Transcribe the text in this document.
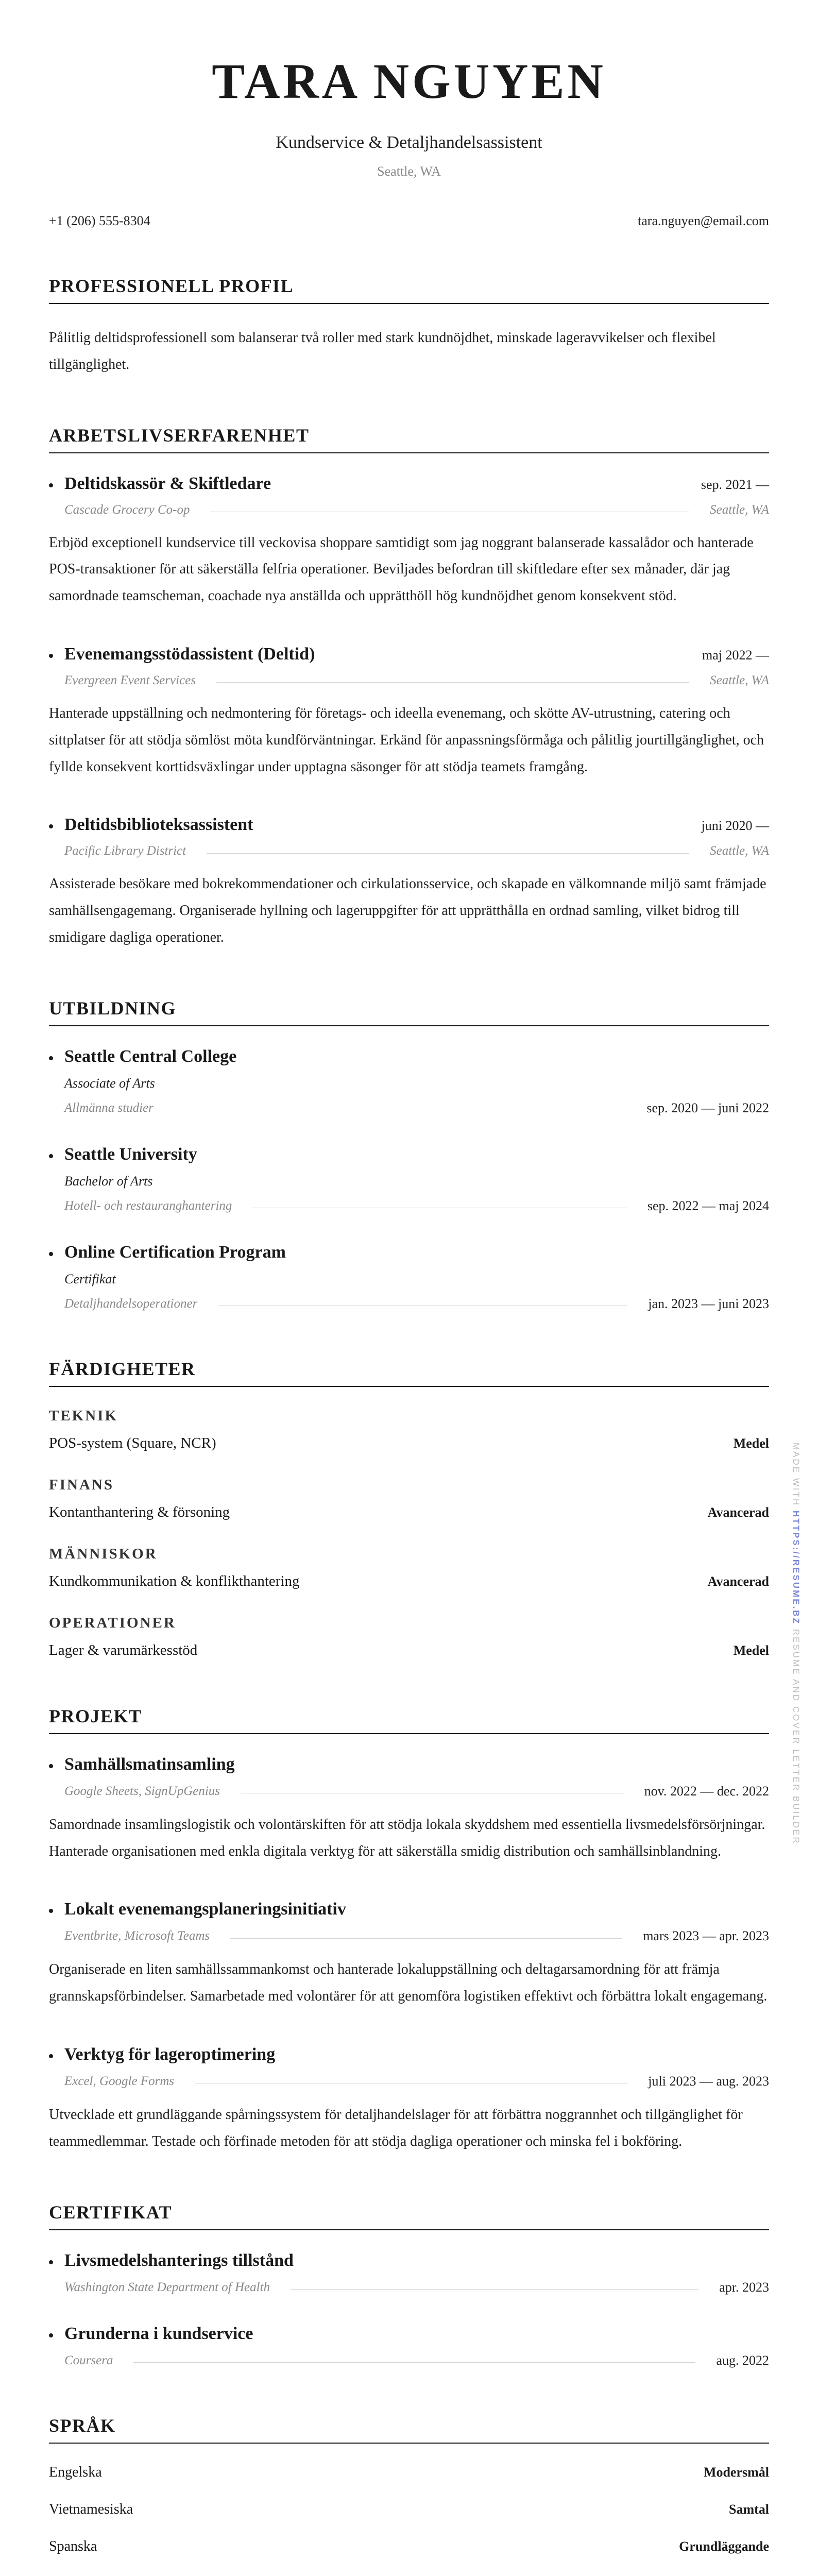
TARA NGUYEN
Kundservice & Detaljhandelsassistent
Seattle, WA
+1 (206) 555-8304	tara.nguyen@email.com
PROFESSIONELL PROFIL
Pålitlig deltidsprofessionell som balanserar två roller med stark kundnöjdhet, minskade lageravvikelser och flexibel tillgänglighet.
ARBETSLIVSERFARENHET
Deltidskassör & Skiftledare	sep. 2021 —
Cascade Grocery Co-op	Seattle, WA
Erbjöd exceptionell kundservice till veckovisa shoppare samtidigt som jag noggrant balanserade kassalådor och hanterade POS-transaktioner för att säkerställa felfria operationer. Beviljades befordran till skiftledare efter sex månader, där jag samordnade teamscheman, coachade nya anställda och upprätthöll hög kundnöjdhet genom konsekvent stöd.
Evenemangsstödassistent (Deltid)	maj 2022 —
Evergreen Event Services	Seattle, WA
Hanterade uppställning och nedmontering för företags- och ideella evenemang, och skötte AV-utrustning, catering och sittplatser för att stödja sömlöst möta kundförväntningar. Erkänd för anpassningsförmåga och pålitlig jourtillgänglighet, och fyllde konsekvent korttidsväxlingar under upptagna säsonger för att stödja teamets framgång.
Deltidsbiblioteksassistent	juni 2020 —
Pacific Library District	Seattle, WA
Assisterade besökare med bokrekommendationer och cirkulationsservice, och skapade en välkomnande miljö samt främjade samhällsengagemang. Organiserade hyllning och lageruppgifter för att upprätthålla en ordnad samling, vilket bidrog till smidigare dagliga operationer.
UTBILDNING
Seattle Central College
Associate of Arts
Allmänna studier	sep. 2020 — juni 2022
Seattle University
Bachelor of Arts
Hotell- och restauranghantering	sep. 2022 — maj 2024
Online Certification Program
Certifikat
Detaljhandelsoperationer	jan. 2023 — juni 2023
FÄRDIGHETER
TEKNIK
POS-system (Square, NCR)	Medel
FINANS
Kontanthantering & försoning	Avancerad
MÄNNISKOR
Kundkommunikation & konflikthantering	Avancerad
OPERATIONER
Lager & varumärkesstöd	Medel
PROJEKT
Samhällsmatinsamling
Google Sheets, SignUpGenius	nov. 2022 — dec. 2022
Samordnade insamlingslogistik och volontärskiften för att stödja lokala skyddshem med essentiella livsmedelsförsörjningar. Hanterade organisationen med enkla digitala verktyg för att säkerställa smidig distribution och samhällsinblandning.
Lokalt evenemangsplaneringsinitiativ
Eventbrite, Microsoft Teams	mars 2023 — apr. 2023
Organiserade en liten samhällssammankomst och hanterade lokaluppställning och deltagarsamordning för att främja grannskapsförbindelser. Samarbetade med volontärer för att genomföra logistiken effektivt och förbättra lokalt engagemang.
Verktyg för lageroptimering
Excel, Google Forms	juli 2023 — aug. 2023
Utvecklade ett grundläggande spårningssystem för detaljhandelslager för att förbättra noggrannhet och tillgänglighet för teammedlemmar. Testade och förfinade metoden för att stödja dagliga operationer och minska fel i bokföring.
CERTIFIKAT
Livsmedelshanterings tillstånd
Washington State Department of Health	apr. 2023
Grunderna i kundservice
Coursera	aug. 2022
SPRÅK
Engelska	Modersmål
Vietnamesiska	Samtal
Spanska	Grundläggande
MADE WITH HTTPS://RESUME.BZ RESUME AND COVER LETTER BUILDER
